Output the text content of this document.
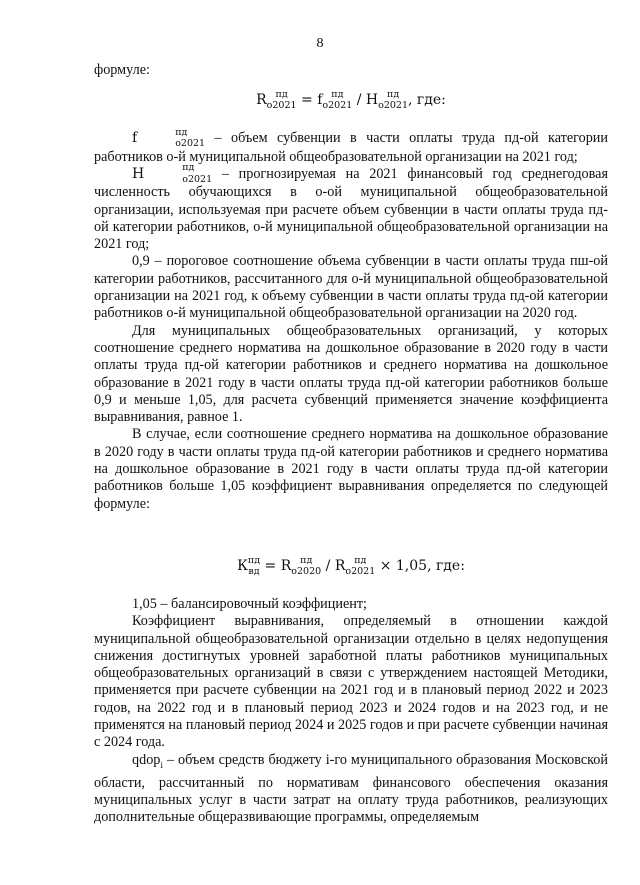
8

формуле:

R пд
о2021 = f пд
о2021 / Н пд
о2021 , где:

f	пд
о2021 – объем субвенции в части оплаты труда пд-ой категории работников о-й муниципальной общеобразовательной организации на 2021 год;

Н	пд
о2021 – прогнозируемая на 2021 финансовый год среднегодовая численность обучающихся в о-ой муниципальной общеобразовательной организации, используемая при расчете объем субвенции в части оплаты труда пд-ой категории работников, о-й муниципальной общеобразовательной организации на 2021 год;

0,9 – пороговое соотношение объема субвенции в части оплаты труда пш-ой категории работников, рассчитанного для о-й муниципальной общеобразовательной организации на 2021 год, к объему субвенции в части оплаты труда пд-ой категории работников о-й муниципальной общеобразовательной организации на 2020 год.

Для муниципальных общеобразовательных организаций, у которых соотношение среднего норматива на дошкольное образование в 2020 году в части оплаты труда пд-ой категории работников и среднего норматива на дошкольное образование в 2021 году в части оплаты труда пд-ой категории работников больше 0,9 и меньше 1,05, для расчета субвенций применяется значение коэффициента выравнивания, равное 1.

В случае, если соотношение среднего норматива на дошкольное образование в 2020 году в части оплаты труда пд-ой категории работников и среднего норматива на дошкольное образование в 2021 году в части оплаты труда пд-ой категории работников больше 1,05 коэффициент выравнивания определяется по следующей формуле:

К пд
вд = R пд
о2020 / R пд
о2021 × 1,05, где:

1,05 – балансировочный коэффициент;

Коэффициент выравнивания, определяемый в отношении каждой муниципальной общеобразовательной организации отдельно в целях недопущения снижения достигнутых уровней заработной платы работников муниципальных общеобразовательных организаций в связи с утверждением настоящей Методики, применяется при расчете субвенции на 2021 год и в плановый период 2022 и 2023 годов, на 2022 год и в плановый период 2023 и 2024 годов и на 2023 год, и не применятся на плановый период 2024 и 2025 годов и при расчете субвенции начиная с 2024 года.

qdop$_i$ – объем средств бюджету i-го муниципального образования Московской области, рассчитанный по нормативам финансового обеспечения оказания муниципальных услуг в части затрат на оплату труда работников, реализующих дополнительные общеразвивающие программы, определяемым
